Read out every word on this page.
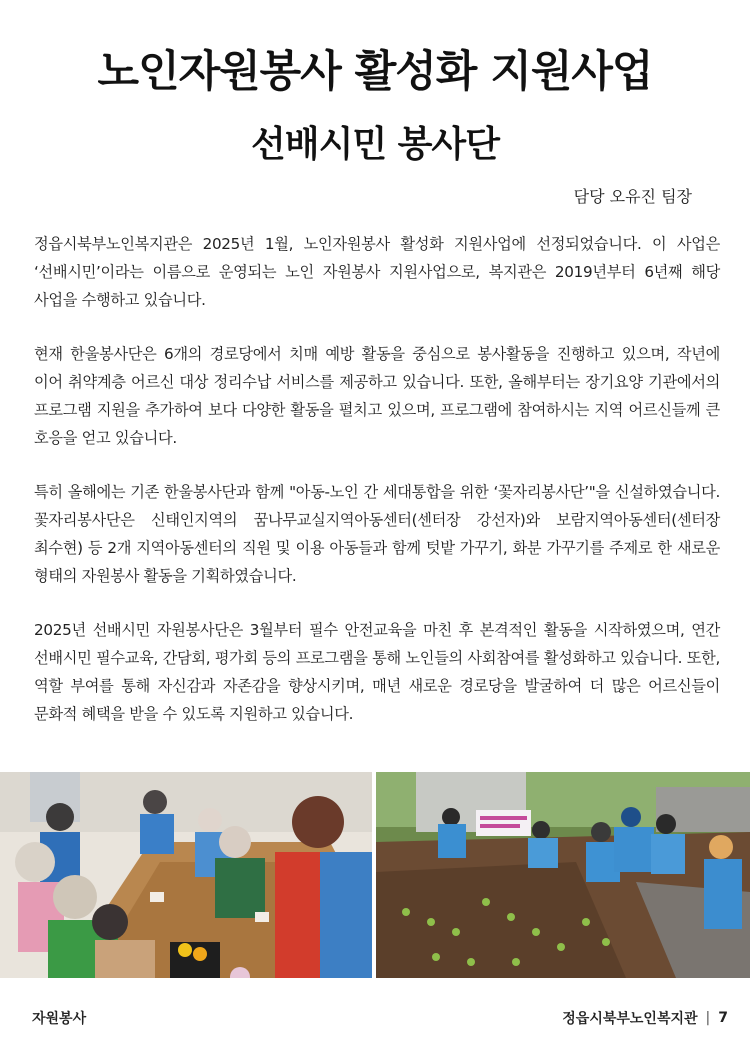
노인자원봉사 활성화 지원사업
선배시민 봉사단
담당 오유진 팀장

정읍시북부노인복지관은 2025년 1월, 노인자원봉사 활성화 지원사업에 선정되었습니다. 이 사업은 ‘선배시민’이라는 이름으로 운영되는 노인 자원봉사 지원사업으로, 복지관은 2019년부터 6년째 해당 사업을 수행하고 있습니다.

현재 한울봉사단은 6개의 경로당에서 치매 예방 활동을 중심으로 봉사활동을 진행하고 있으며, 작년에 이어 취약계층 어르신 대상 정리수납 서비스를 제공하고 있습니다. 또한, 올해부터는 장기요양 기관에서의 프로그램 지원을 추가하여 보다 다양한 활동을 펼치고 있으며, 프로그램에 참여하시는 지역 어르신들께 큰 호응을 얻고 있습니다.

특히 올해에는 기존 한울봉사단과 함께 "아동-노인 간 세대통합을 위한 ‘꽃자리봉사단’"을 신설하였습니다. 꽃자리봉사단은 신태인지역의 꿈나무교실지역아동센터(센터장 강선자)와 보람지역아동센터(센터장 최수현) 등 2개 지역아동센터의 직원 및 이용 아동들과 함께 텃밭 가꾸기, 화분 가꾸기를 주제로 한 새로운 형태의 자원봉사 활동을 기획하였습니다.

2025년 선배시민 자원봉사단은 3월부터 필수 안전교육을 마친 후 본격적인 활동을 시작하였으며, 연간 선배시민 필수교육, 간담회, 평가회 등의 프로그램을 통해 노인들의 사회참여를 활성화하고 있습니다. 또한, 역할 부여를 통해 자신감과 자존감을 향상시키며, 매년 새로운 경로당을 발굴하여 더 많은 어르신들이 문화적 혜택을 받을 수 있도록 지원하고 있습니다.

자원봉사	정읍시북부노인복지관 | 7
